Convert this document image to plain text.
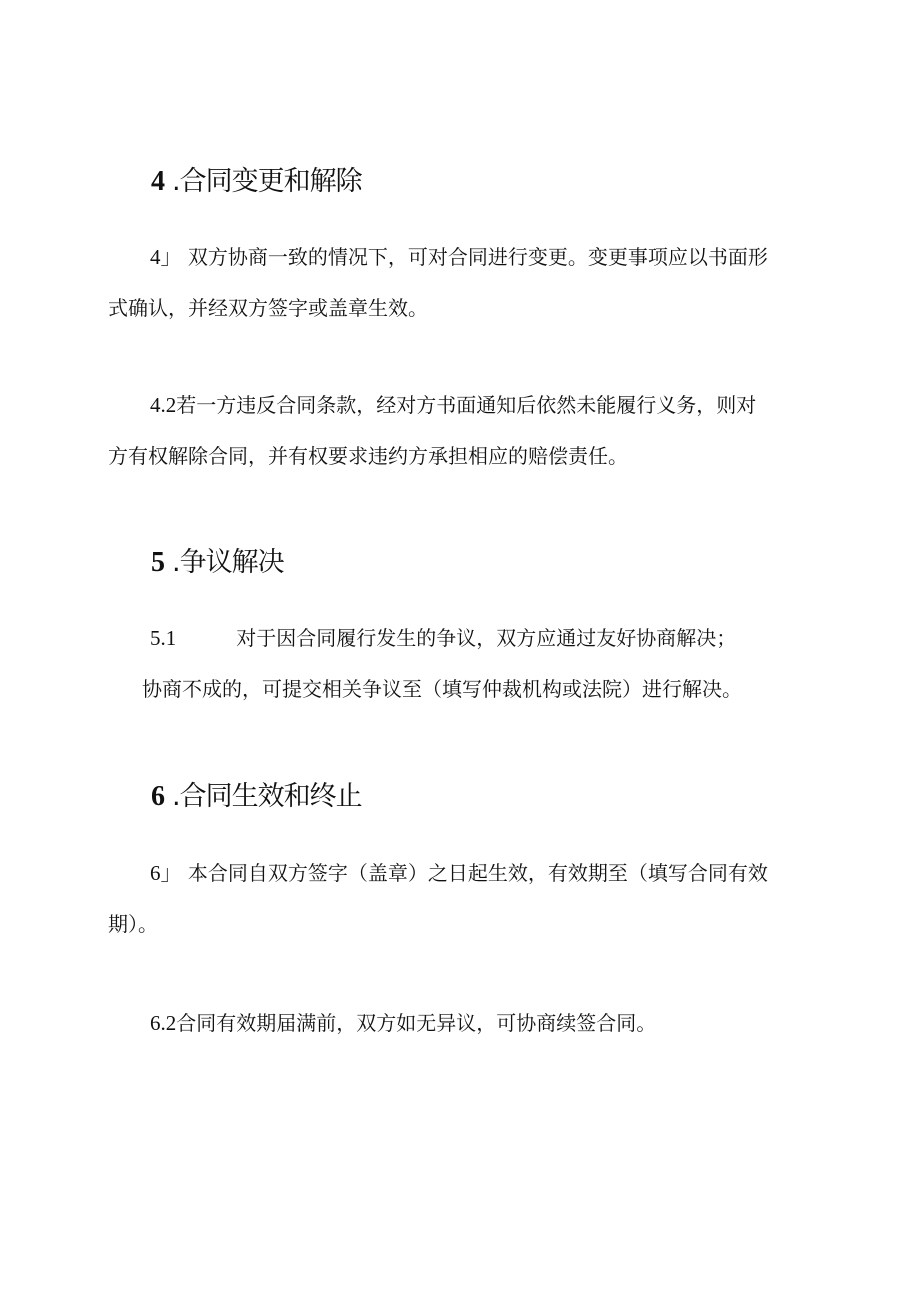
4 .合同变更和解除

4」 双方协商一致的情况下，可对合同进行变更。变更事项应以书面形
式确认，并经双方签字或盖章生效。

4.2若一方违反合同条款，经对方书面通知后依然未能履行义务，则对
方有权解除合同，并有权要求违约方承担相应的赔偿责任。

5 .争议解决

5.1	对于因合同履行发生的争议，双方应通过友好协商解决；
协商不成的，可提交相关争议至（填写仲裁机构或法院）进行解决。

6 .合同生效和终止

6」 本合同自双方签字（盖章）之日起生效，有效期至（填写合同有效
期）。

6.2合同有效期届满前，双方如无异议，可协商续签合同。
